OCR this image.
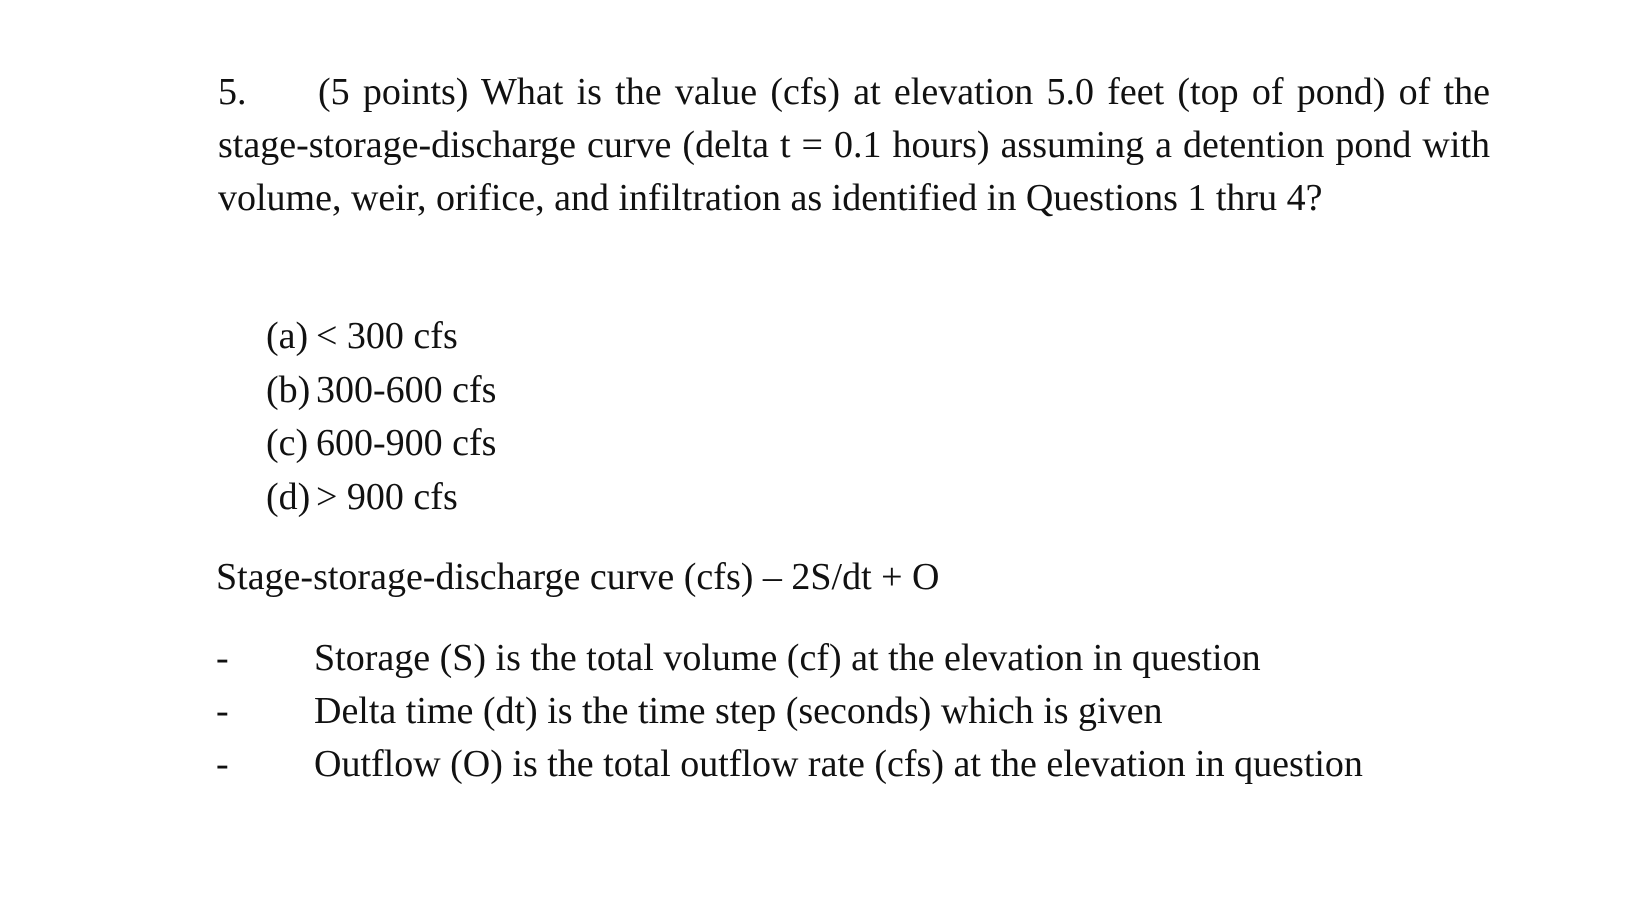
5. (5 points) What is the value (cfs) at elevation 5.0 feet (top of pond) of the stage-storage-discharge curve (delta t = 0.1 hours) assuming a detention pond with volume, weir, orifice, and infiltration as identified in Questions 1 thru 4?
(a) < 300 cfs
(b) 300-600 cfs
(c) 600-900 cfs
(d) > 900 cfs
Stage-storage-discharge curve (cfs) – 2S/dt + O
- Storage (S) is the total volume (cf) at the elevation in question
- Delta time (dt) is the time step (seconds) which is given
- Outflow (O) is the total outflow rate (cfs) at the elevation in question
